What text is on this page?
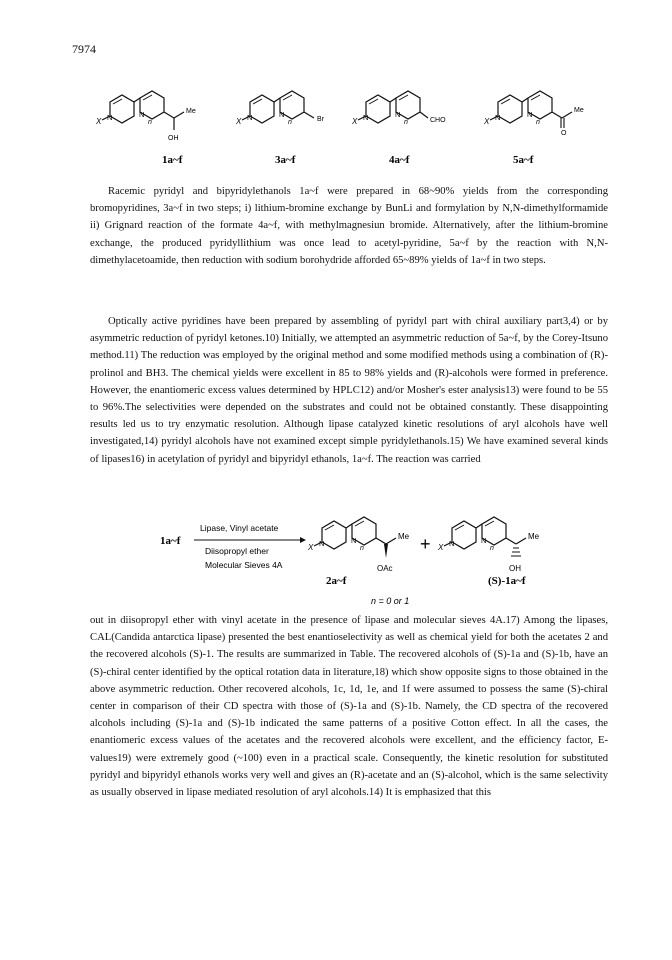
7974
X N	N
n
Me
OH
1a~f
X N	N
n	Br
3a~f
X N	N
n	CHO
4a~f
X N	N
n
Me
O
5a~f

Racemic pyridyl and bipyridylethanols 1a~f were prepared in 68~90% yields from the corresponding bromopyridines, 3a~f in two steps; i) lithium-bromine exchange by BunLi and formylation by N,N-dimethylformamide ii) Grignard reaction of the formate 4a~f, with methylmagnesiun bromide. Alternatively, after the lithium-bromine exchange, the produced pyridyllithium was once lead to acetyl-pyridine, 5a~f by the reaction with N,N-dimethylacetoamide, then reduction with sodium borohydride afforded 65~89% yields of 1a~f in two steps.

Optically active pyridines have been prepared by assembling of pyridyl part with chiral auxiliary part3,4) or by asymmetric reduction of pyridyl ketones.10) Initially, we attempted an asymmetric reduction of 5a~f, by the Corey-Itsuno method.11) The reduction was employed by the original method and some modified methods using a combination of (R)-prolinol and BH3. The chemical yields were excellent in 85 to 98% yields and (R)-alcohols were formed in preference. However, the enantiomeric excess values determined by HPLC12) and/or Mosher's ester analysis13) were found to be 55 to 96%.The selectivities were depended on the substrates and could not be obtained constantly. These disappointing results led us to try enzymatic resolution. Although lipase catalyzed kinetic resolutions of aryl alcohols have well investigated,14) pyridyl alcohols have not examined except simple pyridylethanols.15) We have examined several kinds of lipases16) in acetylation of pyridyl and bipyridyl ethanols, 1a~f. The reaction was carried

1a~f
Lipase, Vinyl acetate
Diisopropyl ether
Molecular Sieves 4A
X N	N
n
Me
OAc
2a~f
+ X N	N
n
Me
OH
(S)-1a~f
n = 0 or 1

out in diisopropyl ether with vinyl acetate in the presence of lipase and molecular sieves 4A.17) Among the lipases, CAL(Candida antarctica lipase) presented the best enantioselectivity as well as chemical yield for both the acetates 2 and the recovered alcohols (S)-1. The results are summarized in Table. The recovered alcohols of (S)-1a and (S)-1b, have an (S)-chiral center identified by the optical rotation data in literature,18) which show opposite signs to those obtained in the above asymmetric reduction. Other recovered alcohols, 1c, 1d, 1e, and 1f were assumed to possess the same (S)-chiral center in comparison of their CD spectra with those of (S)-1a and (S)-1b. Namely, the CD spectra of the recovered alcohols including (S)-1a and (S)-1b indicated the same patterns of a positive Cotton effect. In all the cases, the enantiomeric excess values of the acetates and the recovered alcohols were excellent, and the efficiency factor, E-values19) were extremely good (~100) even in a practical scale. Consequently, the kinetic resolution for substituted pyridyl and bipyridyl ethanols works very well and gives an (R)-acetate and an (S)-alcohol, which is the same selectivity as usually observed in lipase mediated resolution of aryl alcohols.14) It is emphasized that this
